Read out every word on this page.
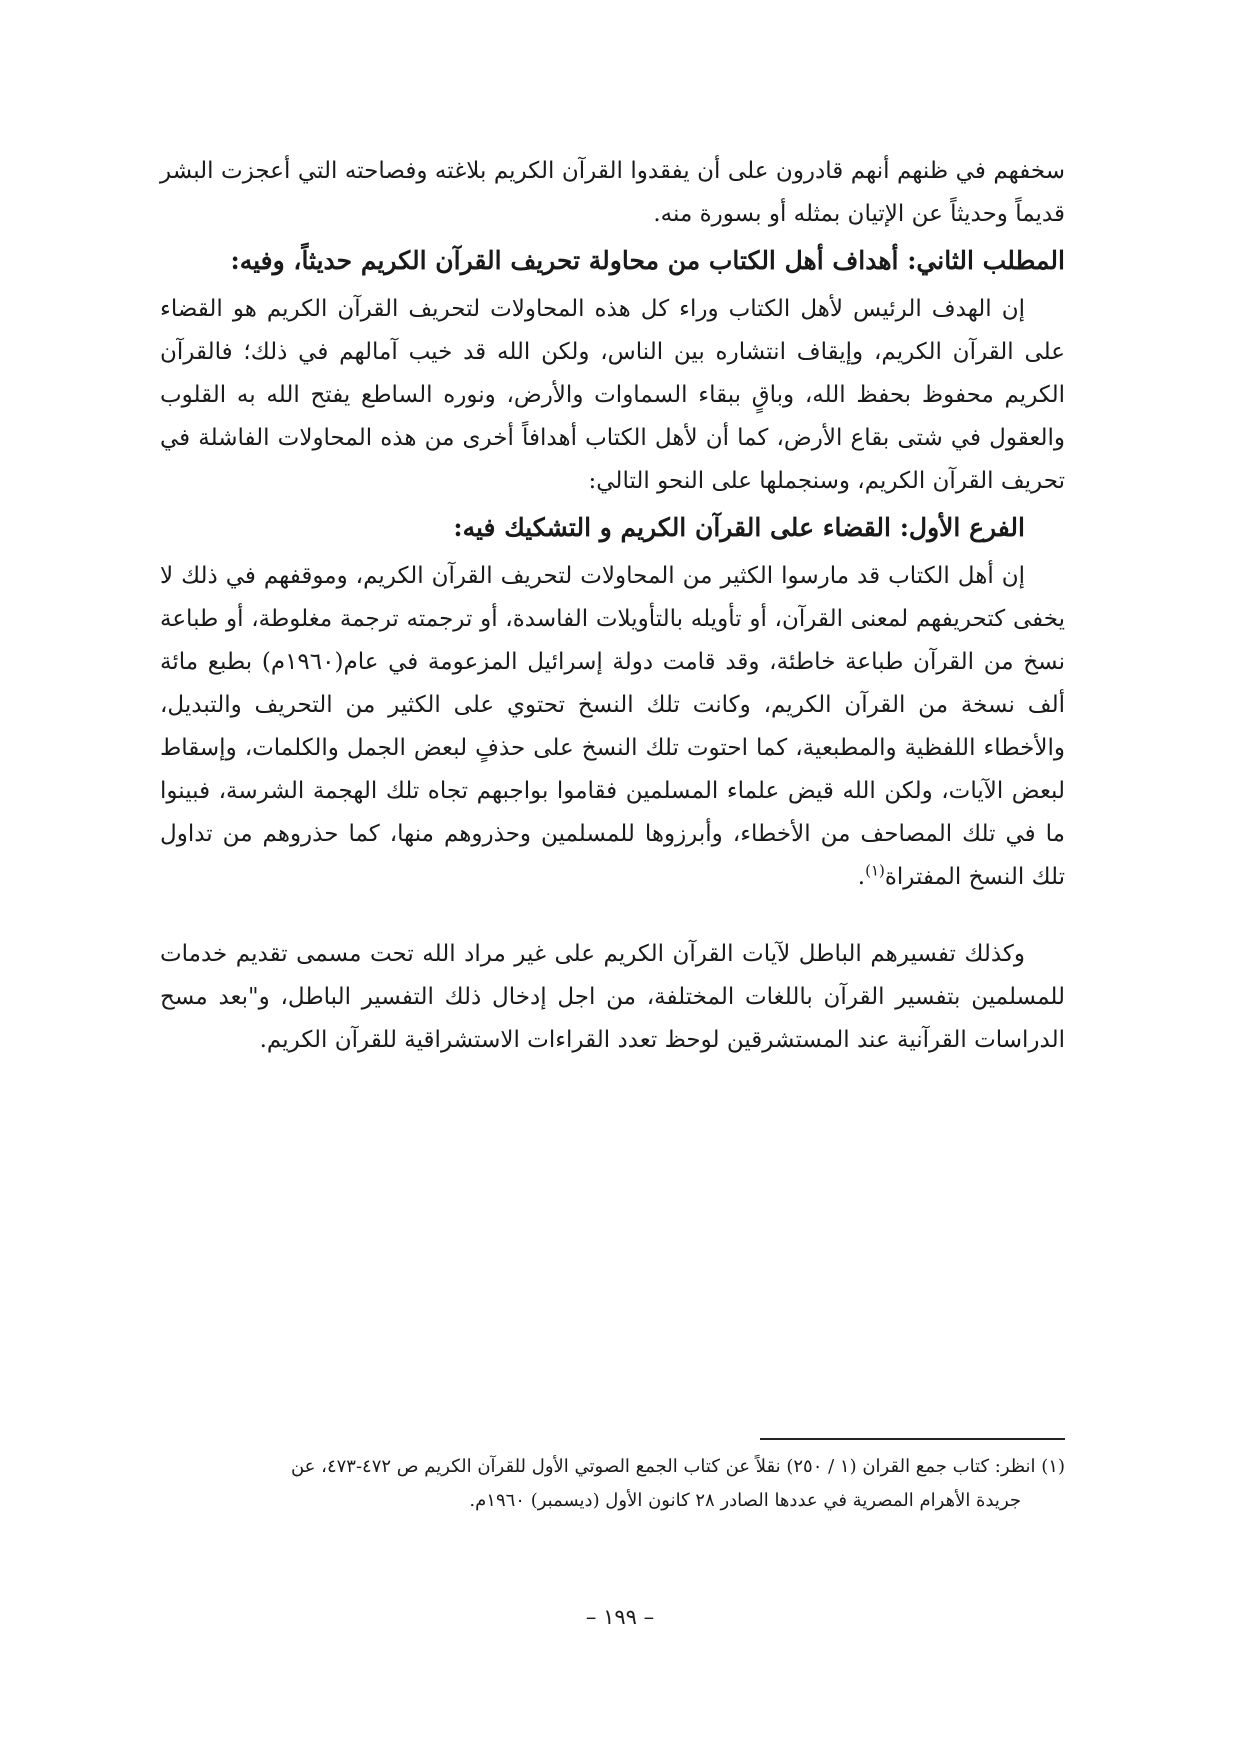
سخفهم في ظنهم أنهم قادرون على أن يفقدوا القرآن الكريم بلاغته وفصاحته التي أعجزت البشر قديماً وحديثاً عن الإتيان بمثله أو بسورة منه.

المطلب الثاني: أهداف أهل الكتاب من محاولة تحريف القرآن الكريم حديثاً، وفيه:

إن الهدف الرئيس لأهل الكتاب وراء كل هذه المحاولات لتحريف القرآن الكريم هو القضاء على القرآن الكريم، وإيقاف انتشاره بين الناس، ولكن الله قد خيب آمالهم في ذلك؛ فالقرآن الكريم محفوظ بحفظ الله، وباقٍ ببقاء السماوات والأرض، ونوره الساطع يفتح الله به القلوب والعقول في شتى بقاع الأرض، كما أن لأهل الكتاب أهدافاً أخرى من هذه المحاولات الفاشلة في تحريف القرآن الكريم، وسنجملها على النحو التالي:

الفرع الأول: القضاء على القرآن الكريم و التشكيك فيه:

إن أهل الكتاب قد مارسوا الكثير من المحاولات لتحريف القرآن الكريم، وموقفهم في ذلك لا يخفى كتحريفهم لمعنى القرآن، أو تأويله بالتأويلات الفاسدة، أو ترجمته ترجمة مغلوطة، أو طباعة نسخ من القرآن طباعة خاطئة، وقد قامت دولة إسرائيل المزعومة في عام(١٩٦٠م) بطبع مائة ألف نسخة من القرآن الكريم، وكانت تلك النسخ تحتوي على الكثير من التحريف والتبديل، والأخطاء اللفظية والمطبعية، كما احتوت تلك النسخ على حذفٍ لبعض الجمل والكلمات، وإسقاط لبعض الآيات، ولكن الله قيض علماء المسلمين فقاموا بواجبهم تجاه تلك الهجمة الشرسة، فبينوا ما في تلك المصاحف من الأخطاء، وأبرزوها للمسلمين وحذروهم منها، كما حذروهم من تداول تلك النسخ المفتراة$^{(١)}$.

وكذلك تفسيرهم الباطل لآيات القرآن الكريم على غير مراد الله تحت مسمى تقديم خدمات للمسلمين بتفسير القرآن باللغات المختلفة، من اجل إدخال ذلك التفسير الباطل، و"بعد مسح الدراسات القرآنية عند المستشرقين لوحظ تعدد القراءات الاستشراقية للقرآن الكريم.

(١) انظر: كتاب جمع القران (١ / ٢٥٠) نقلاً عن كتاب الجمع الصوتي الأول للقرآن الكريم ص ٤٧٢-٤٧٣، عن
جريدة الأهرام المصرية في عددها الصادر ٢٨ كانون الأول (ديسمبر) ١٩٦٠م.
– ١٩٩ –
